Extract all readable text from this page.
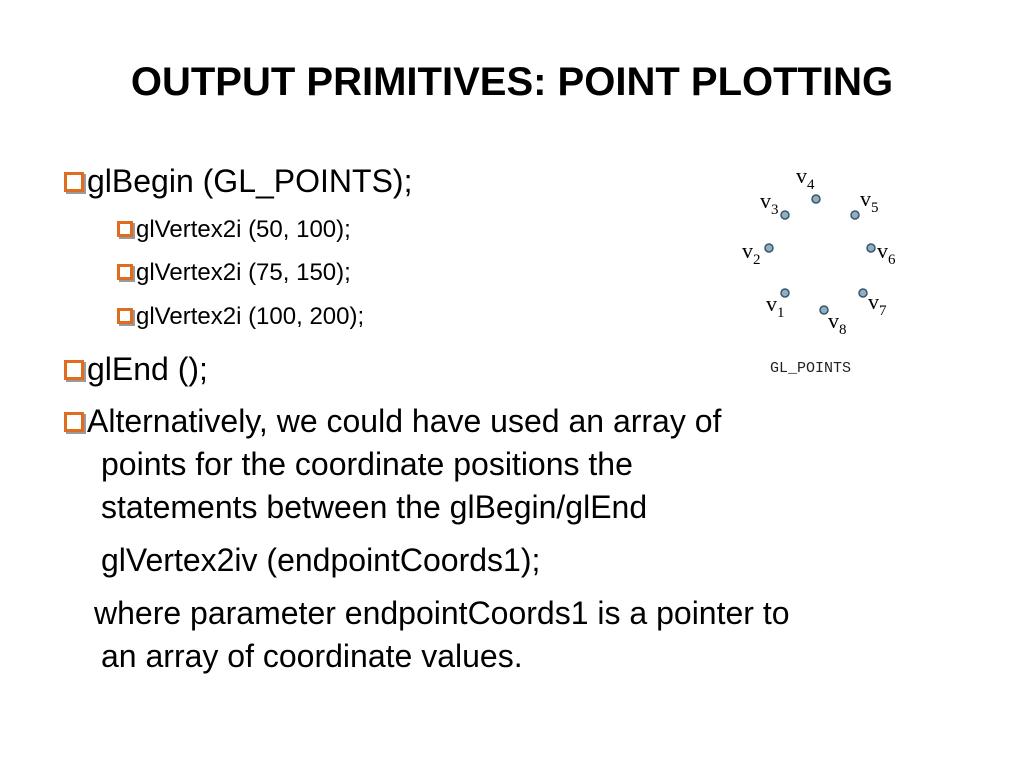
OUTPUT PRIMITIVES: POINT PLOTTING
glBegin (GL_POINTS);
glVertex2i (50, 100);
glVertex2i (75, 150);
glVertex2i (100, 200);
glEnd ();
Alternatively, we could have used an array of
points for the coordinate positions the
statements between the glBegin/glEnd
glVertex2iv (endpointCoords1);
where parameter endpointCoords1 is a pointer to
an array of coordinate values.
$v_1$
$v_2$
$v_3$
$v_4$
$v_5$
$v_6$
$v_7$
$v_8$
GL_POINTS
